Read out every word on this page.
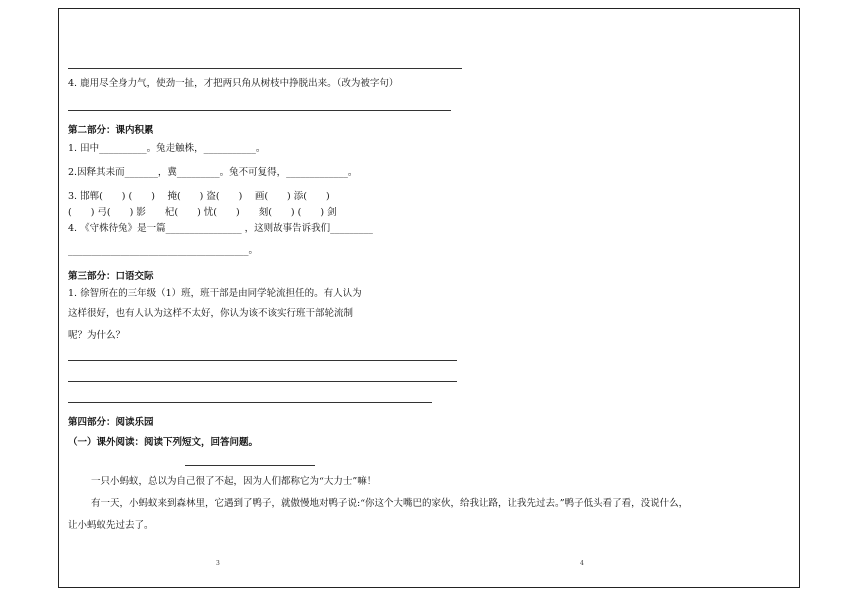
4. 鹿用尽全身力气，使劲一扯，才把两只角从树枝中挣脱出来。（改为被字句）
第二部分：课内积累
1. 田中__________。兔走触株，___________。
2.因释其耒而_______，冀_________。兔不可复得，_____________。
3. 邯郸(　　) (　　)　 掩(　　) 盗(　　)　 画(　　) 添(　　)
(　　) 弓(　　) 影　　杞(　　) 忧(　　)　　刻(　　) (　　) 剑
4. 《守株待兔》是一篇________________ ，这则故事告诉我们_________
______________________________________。
第三部分：口语交际
1. 徐智所在的三年级（1）班，班干部是由同学轮流担任的。有人认为
这样很好，也有人认为这样不太好，你认为该不该实行班干部轮流制
呢？为什么？
第四部分：阅读乐园
（一）课外阅读：阅读下列短文，回答问题。
一只小蚂蚁，总以为自己很了不起，因为人们都称它为“大力士”嘛！
有一天，小蚂蚁来到森林里，它遇到了鸭子，就傲慢地对鸭子说:“你这个大嘴巴的家伙，给我让路，让我先过去。”鸭子低头看了看，没说什么，
让小蚂蚁先过去了。
3	4
